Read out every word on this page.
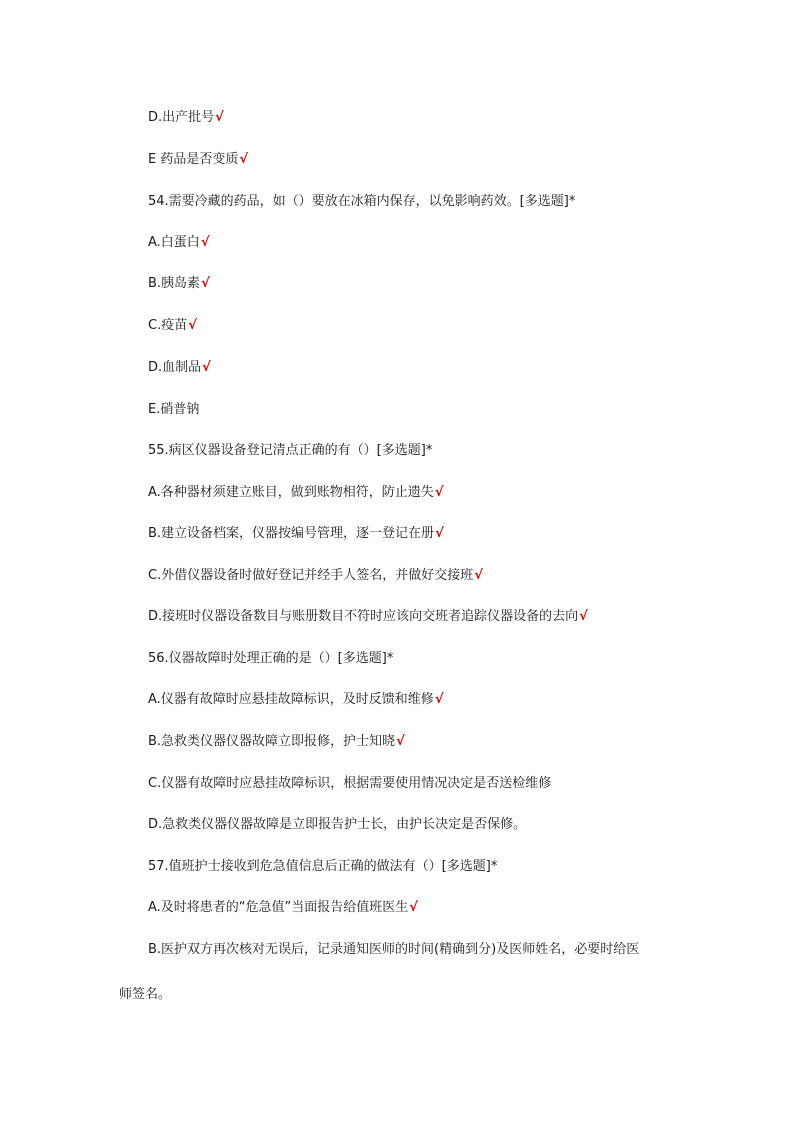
D.出产批号√
E 药品是否变质√
54.需要冷藏的药品，如（）要放在冰箱内保存，以免影响药效。[多选题]*
A.白蛋白√
B.胰岛素√
C.疫苗√
D.血制品√
E.硝普钠
55.病区仪器设备登记清点正确的有（）[多选题]*
A.各种器材须建立账目，做到账物相符，防止遗失√
B.建立设备档案，仪器按编号管理，逐一登记在册√
C.外借仪器设备时做好登记并经手人签名，并做好交接班√
D.接班时仪器设备数目与账册数目不符时应该向交班者追踪仪器设备的去向√
56.仪器故障时处理正确的是（）[多选题]*
A.仪器有故障时应悬挂故障标识，及时反馈和维修√
B.急救类仪器仪器故障立即报修，护士知晓√
C.仪器有故障时应悬挂故障标识，根据需要使用情况决定是否送检维修
D.急救类仪器仪器故障是立即报告护士长，由护长决定是否保修。
57.值班护士接收到危急值信息后正确的做法有（）[多选题]*
A.及时将患者的“危急值”当面报告给值班医生√
B.医护双方再次核对无误后，记录通知医师的时间(精确到分)及医师姓名，必要时给医
师签名。
